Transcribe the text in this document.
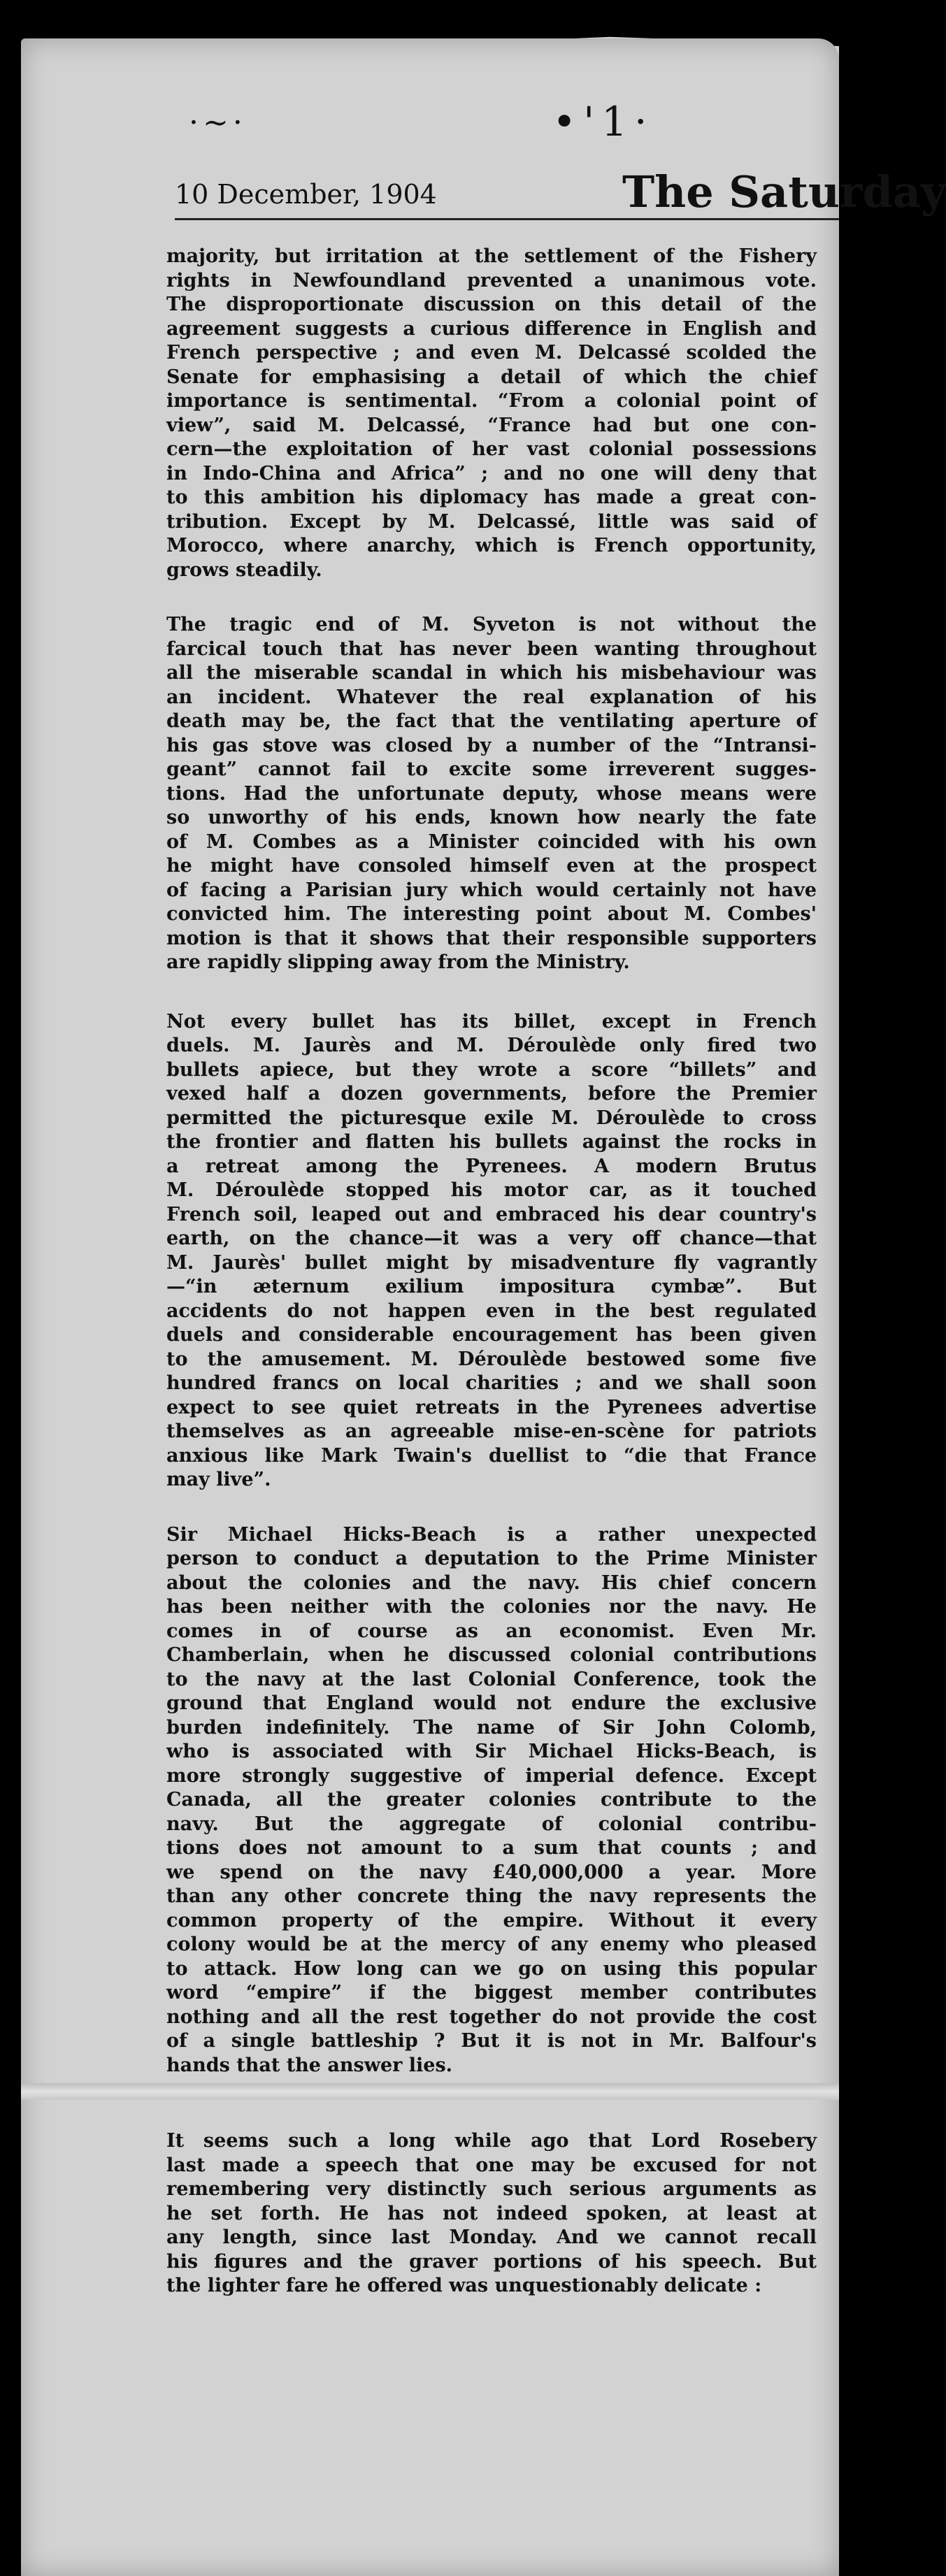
·~·	•'1·
10 December, 1904	The Saturday

majority, but irritation at the settlement of the Fishery
rights in Newfoundland prevented a unanimous vote.
The disproportionate discussion on this detail of the
agreement suggests a curious difference in English and
French perspective ; and even M. Delcassé scolded the
Senate for emphasising a detail of which the chief
importance is sentimental. “From a colonial point of
view”, said M. Delcassé, “France had but one con-
cern—the exploitation of her vast colonial possessions
in Indo-China and Africa” ; and no one will deny that
to this ambition his diplomacy has made a great con-
tribution. Except by M. Delcassé, little was said of
Morocco, where anarchy, which is French opportunity,
grows steadily.

The tragic end of M. Syveton is not without the
farcical touch that has never been wanting throughout
all the miserable scandal in which his misbehaviour was
an incident. Whatever the real explanation of his
death may be, the fact that the ventilating aperture of
his gas stove was closed by a number of the “Intransi-
geant” cannot fail to excite some irreverent sugges-
tions. Had the unfortunate deputy, whose means were
so unworthy of his ends, known how nearly the fate
of M. Combes as a Minister coincided with his own
he might have consoled himself even at the prospect
of facing a Parisian jury which would certainly not have
convicted him. The interesting point about M. Combes'
motion is that it shows that their responsible supporters
are rapidly slipping away from the Ministry.

Not every bullet has its billet, except in French
duels. M. Jaurès and M. Déroulède only fired two
bullets apiece, but they wrote a score “billets” and
vexed half a dozen governments, before the Premier
permitted the picturesque exile M. Déroulède to cross
the frontier and flatten his bullets against the rocks in
a retreat among the Pyrenees. A modern Brutus
M. Déroulède stopped his motor car, as it touched
French soil, leaped out and embraced his dear country's
earth, on the chance—it was a very off chance—that
M. Jaurès' bullet might by misadventure fly vagrantly
—“in æternum exilium impositura cymbæ”. But
accidents do not happen even in the best regulated
duels and considerable encouragement has been given
to the amusement. M. Déroulède bestowed some five
hundred francs on local charities ; and we shall soon
expect to see quiet retreats in the Pyrenees advertise
themselves as an agreeable mise-en-scène for patriots
anxious like Mark Twain's duellist to “die that France
may live”.

Sir Michael Hicks-Beach is a rather unexpected
person to conduct a deputation to the Prime Minister
about the colonies and the navy. His chief concern
has been neither with the colonies nor the navy. He
comes in of course as an economist. Even Mr.
Chamberlain, when he discussed colonial contributions
to the navy at the last Colonial Conference, took the
ground that England would not endure the exclusive
burden indefinitely. The name of Sir John Colomb,
who is associated with Sir Michael Hicks-Beach, is
more strongly suggestive of imperial defence. Except
Canada, all the greater colonies contribute to the
navy. But the aggregate of colonial contribu-
tions does not amount to a sum that counts ; and
we spend on the navy £40,000,000 a year. More
than any other concrete thing the navy represents the
common property of the empire. Without it every
colony would be at the mercy of any enemy who pleased
to attack. How long can we go on using this popular
word “empire” if the biggest member contributes
nothing and all the rest together do not provide the cost
of a single battleship ? But it is not in Mr. Balfour's
hands that the answer lies.

It seems such a long while ago that Lord Rosebery
last made a speech that one may be excused for not
remembering very distinctly such serious arguments as
he set forth. He has not indeed spoken, at least at
any length, since last Monday. And we cannot recall
his figures and the graver portions of his speech. But
the lighter fare he offered was unquestionably delicate :
